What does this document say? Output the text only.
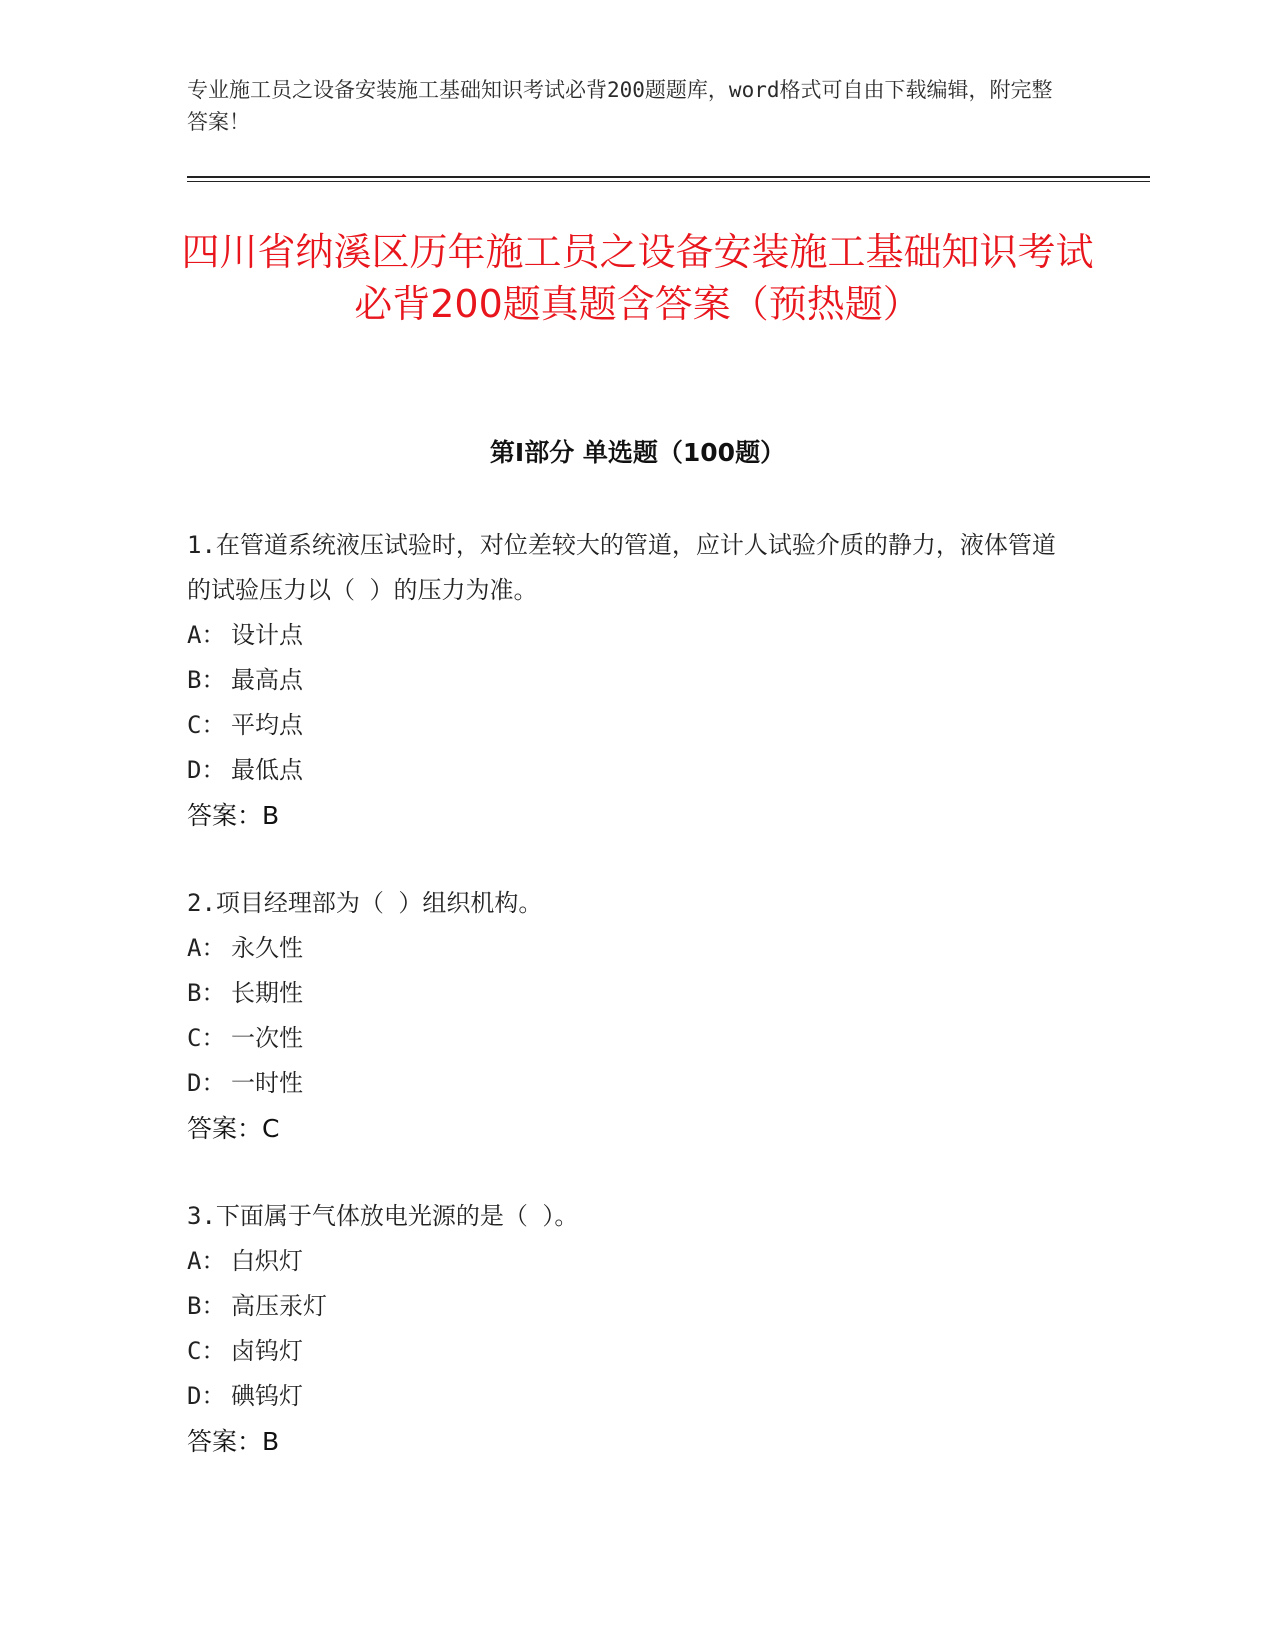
专业施工员之设备安装施工基础知识考试必背200题题库，word格式可自由下载编辑，附完整答案！
四川省纳溪区历年施工员之设备安装施工基础知识考试必背200题真题含答案（预热题）
第Ⅰ部分 单选题（100题）

1.在管道系统液压试验时，对位差较大的管道，应计人试验介质的静力，液体管道的试验压力以（ ）的压力为准。

A： 设计点

B： 最高点

C： 平均点

D： 最低点

答案：B

2.项目经理部为（ ）组织机构。

A： 永久性

B： 长期性

C： 一次性

D： 一时性

答案：C

3.下面属于气体放电光源的是（ ）。

A： 白炽灯

B： 高压汞灯

C： 卤钨灯

D： 碘钨灯

答案：B
